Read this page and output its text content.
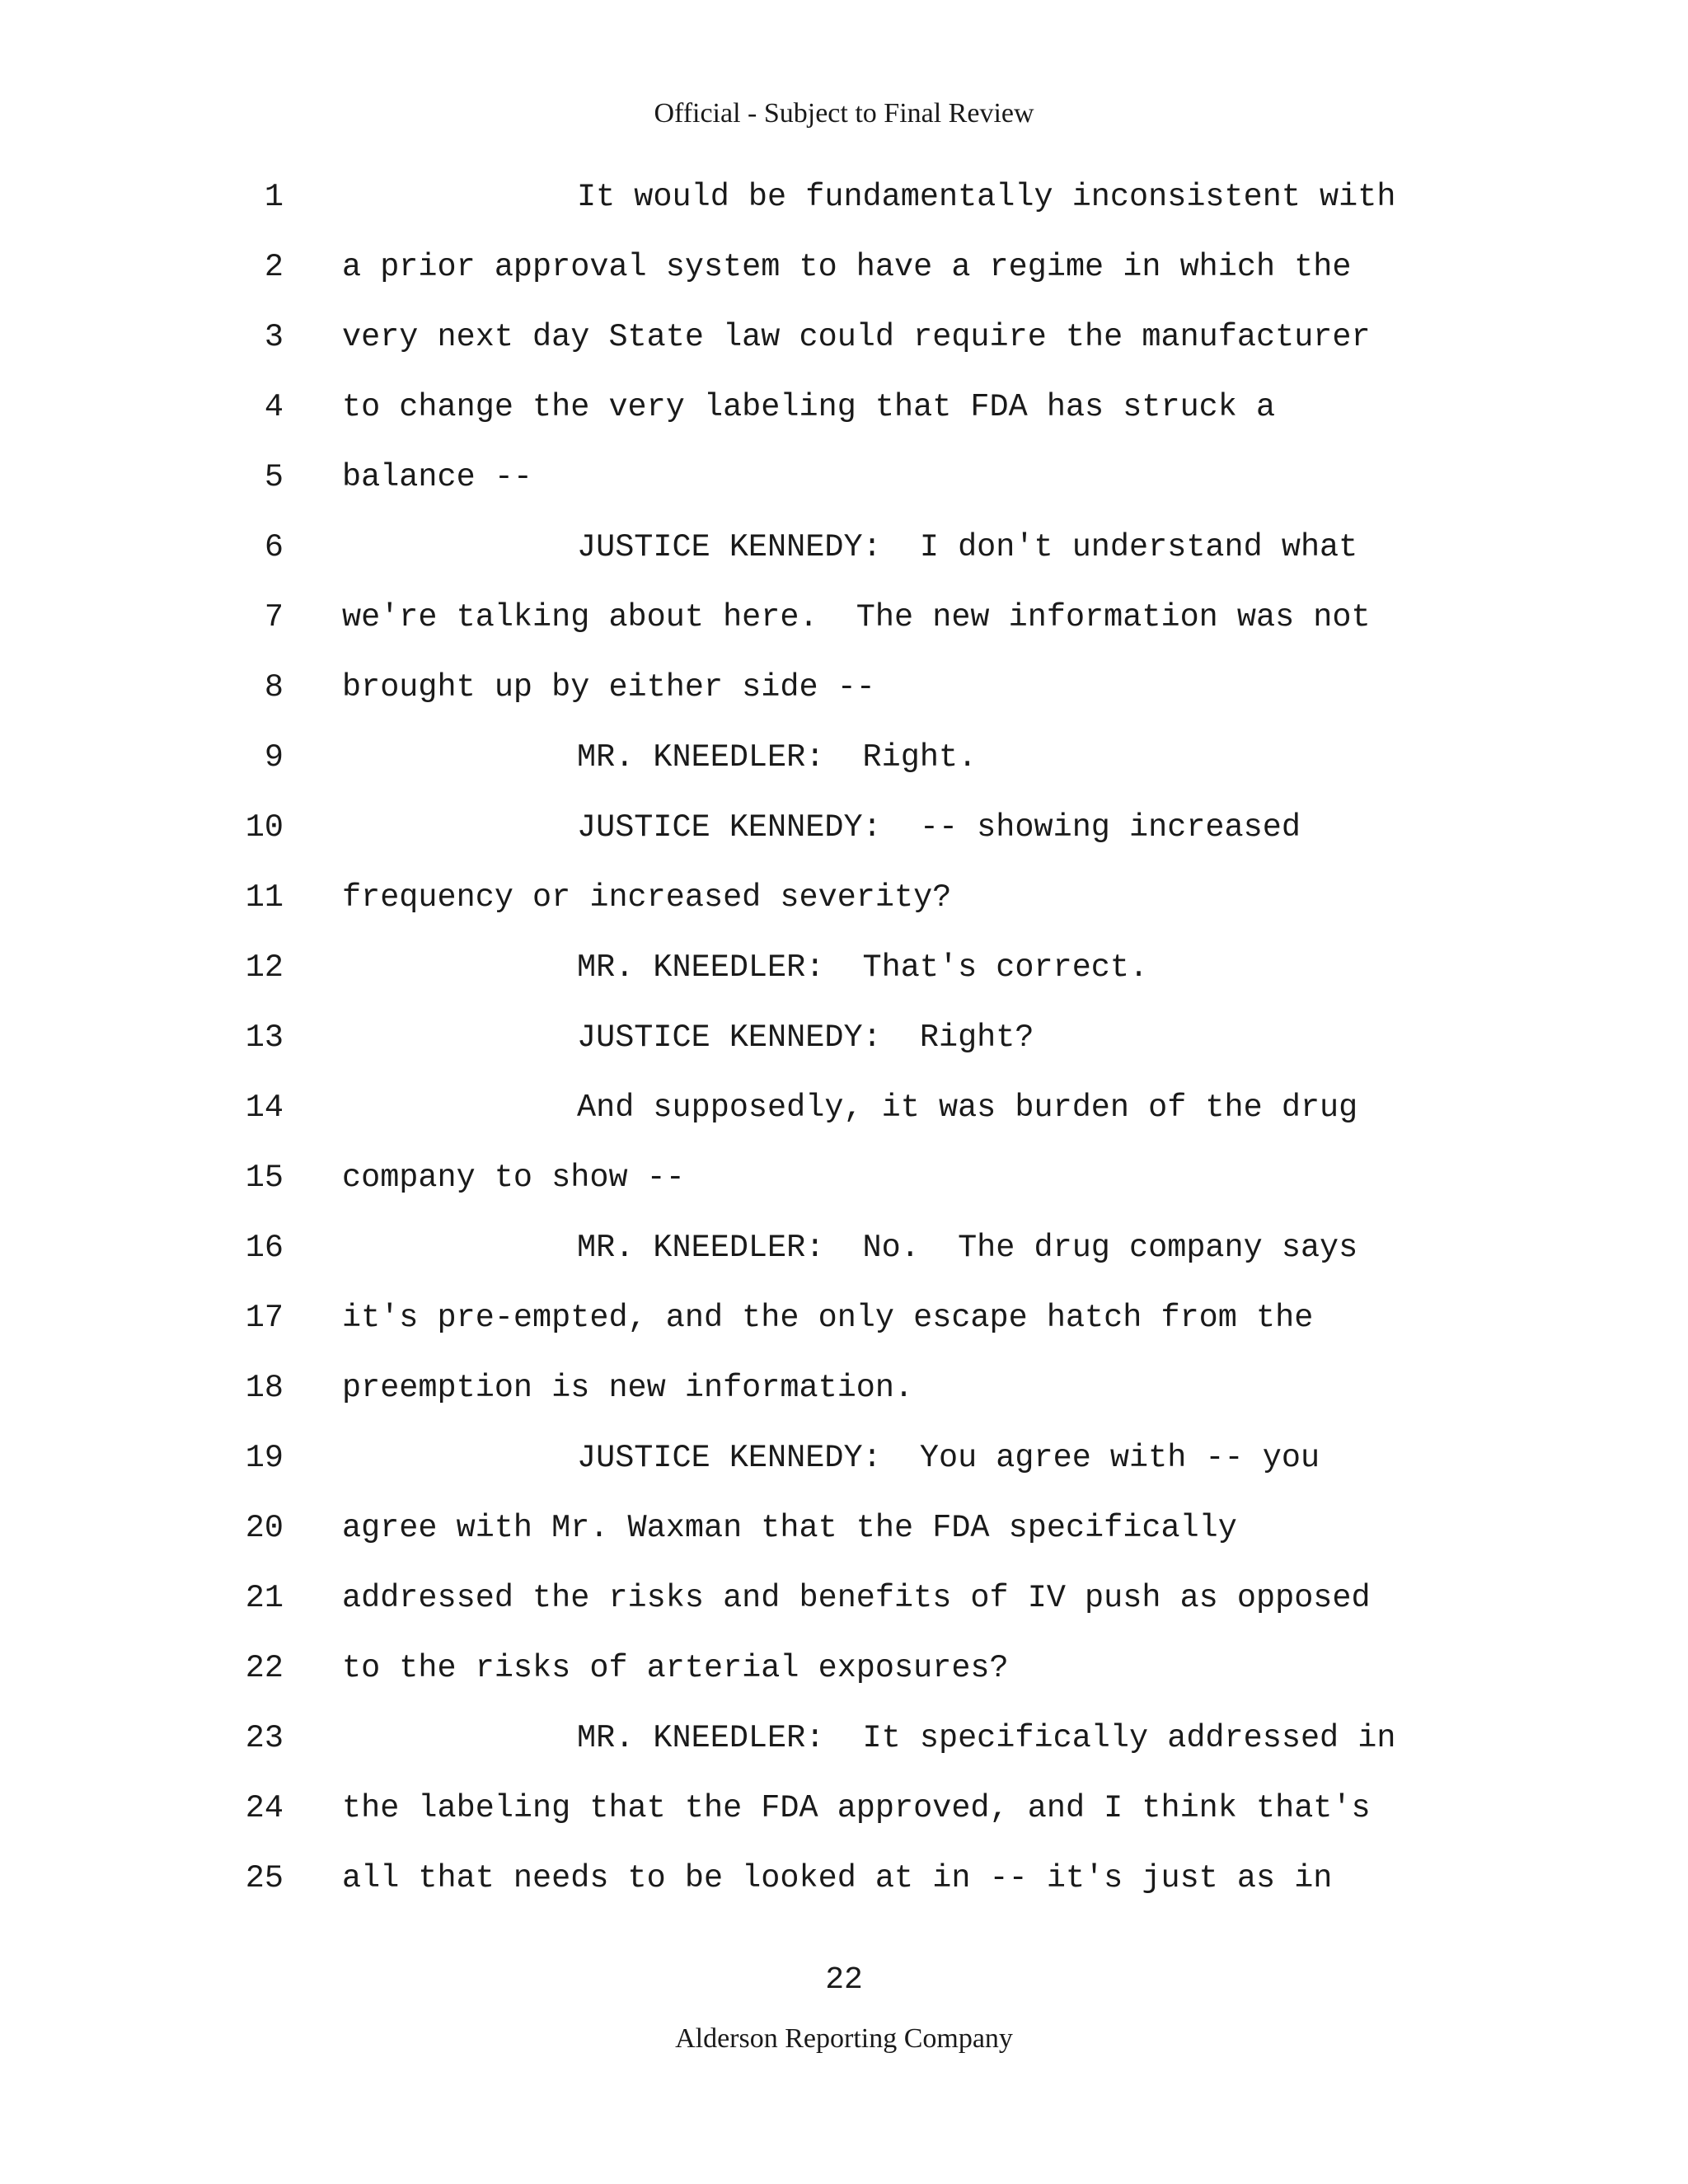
Official - Subject to Final Review
1	It would be fundamentally inconsistent with
2 a prior approval system to have a regime in which the
3 very next day State law could require the manufacturer
4 to change the very labeling that FDA has struck a
5 balance --
6	JUSTICE KENNEDY:  I don't understand what
7 we're talking about here.  The new information was not
8 brought up by either side --
9	MR. KNEEDLER:  Right.
10	JUSTICE KENNEDY:  -- showing increased
11 frequency or increased severity?
12	MR. KNEEDLER:  That's correct.
13	JUSTICE KENNEDY:  Right?
14	And supposedly, it was burden of the drug
15 company to show --
16	MR. KNEEDLER:  No.  The drug company says
17 it's pre-empted, and the only escape hatch from the
18 preemption is new information.
19	JUSTICE KENNEDY:  You agree with -- you
20 agree with Mr. Waxman that the FDA specifically
21 addressed the risks and benefits of IV push as opposed
22 to the risks of arterial exposures?
23	MR. KNEEDLER:  It specifically addressed in
24 the labeling that the FDA approved, and I think that's
25 all that needs to be looked at in -- it's just as in
22
Alderson Reporting Company
